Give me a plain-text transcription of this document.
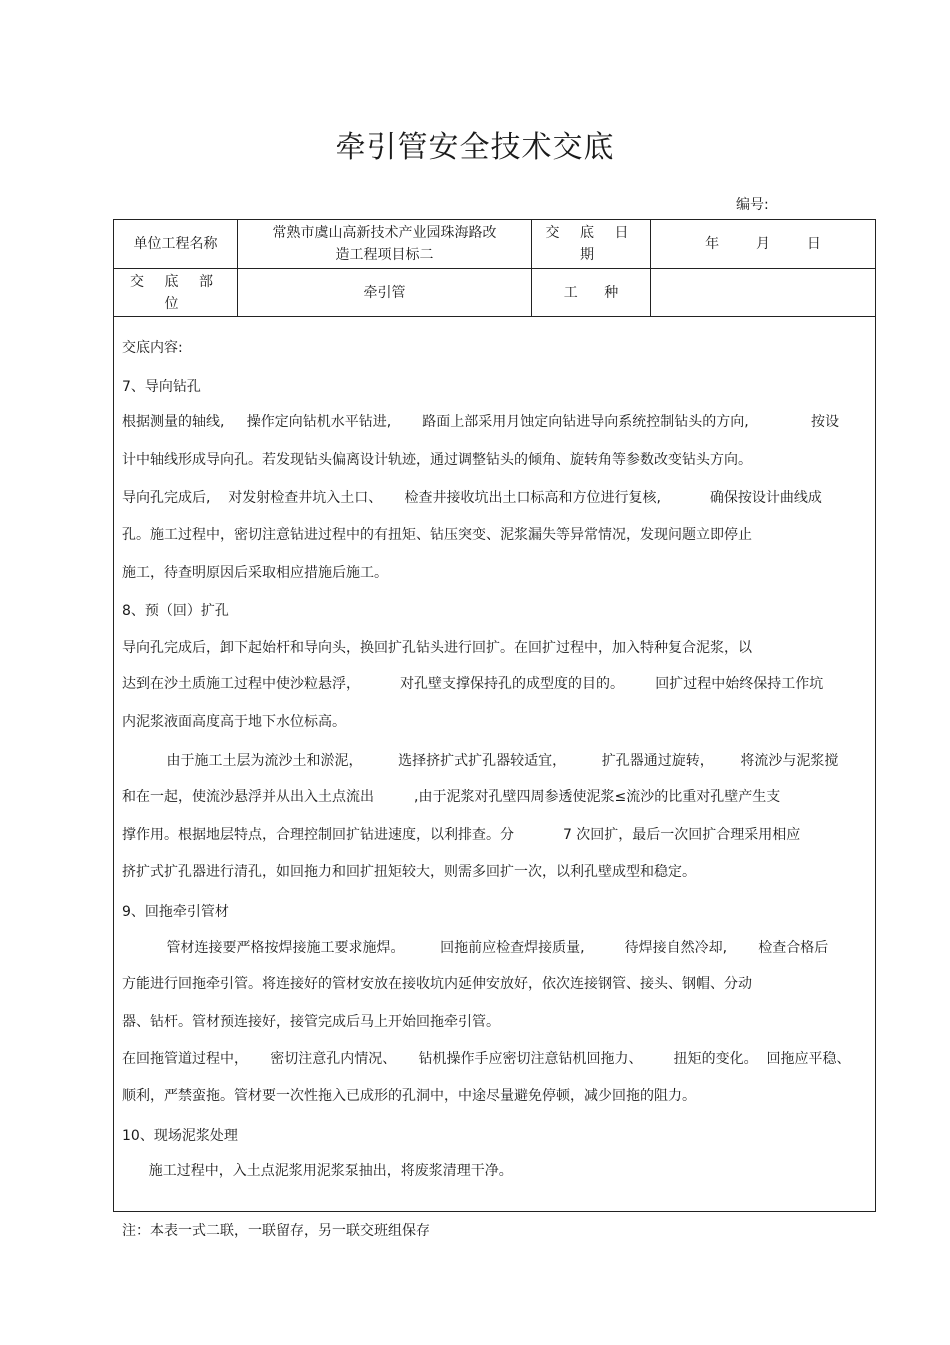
牵引管安全技术交底
编号:
单位工程名称
常熟市虞山高新技术产业园珠海路改
造工程项目标二
交 底 日 期
年  月  日
交 底 部 位
牵引管	工 种
交底内容:
7、导向钻孔
根据测量的轴线,     操作定向钻机水平钻进,       路面上部采用月蚀定向钻进导向系统控制钻头的方向,              按设
计中轴线形成导向孔。若发现钻头偏离设计轨迹，通过调整钻头的倾角、旋转角等参数改变钻头方向。
导向孔完成后,    对发射检查井坑入土口、     检查井接收坑出土口标高和方位进行复核,           确保按设计曲线成
孔。施工过程中，密切注意钻进过程中的有扭矩、钻压突变、泥浆漏失等异常情况，发现问题立即停止
施工，待查明原因后采取相应措施后施工。
8、预（回）扩孔
导向孔完成后，卸下起始杆和导向头，换回扩孔钻头进行回扩。在回扩过程中，加入特种复合泥浆，以
达到在沙土质施工过程中使沙粒悬浮，         对孔壁支撑保持孔的成型度的目的。       回扩过程中始终保持工作坑
内泥浆液面高度高于地下水位标高。
由于施工土层为流沙土和淤泥，        选择挤扩式扩孔器较适宜，        扩孔器通过旋转，      将流沙与泥浆搅
和在一起，使流沙悬浮并从出入土点流出         ,由于泥浆对孔壁四周参透使泥浆≤流沙的比重对孔壁产生支
撑作用。根据地层特点，合理控制回扩钻进速度，以利排查。分           7 次回扩，最后一次回扩合理采用相应
挤扩式扩孔器进行清孔，如回拖力和回扩扭矩较大，则需多回扩一次，以利孔壁成型和稳定。
9、回拖牵引管材
管材连接要严格按焊接施工要求施焊。        回拖前应检查焊接质量,         待焊接自然冷却,       检查合格后
方能进行回拖牵引管。将连接好的管材安放在接收坑内延伸安放好，依次连接钢管、接头、钢帽、分动
器、钻杆。管材预连接好，接管完成后马上开始回拖牵引管。
在回拖管道过程中，     密切注意孔内情况、     钻机操作手应密切注意钻机回拖力、       扭矩的变化。  回拖应平稳、
顺利，严禁蛮拖。管材要一次性拖入已成形的孔洞中，中途尽量避免停顿，减少回拖的阻力。
10、现场泥浆处理
施工过程中，入土点泥浆用泥浆泵抽出，将废浆清理干净。
注：本表一式二联，一联留存，另一联交班组保存
